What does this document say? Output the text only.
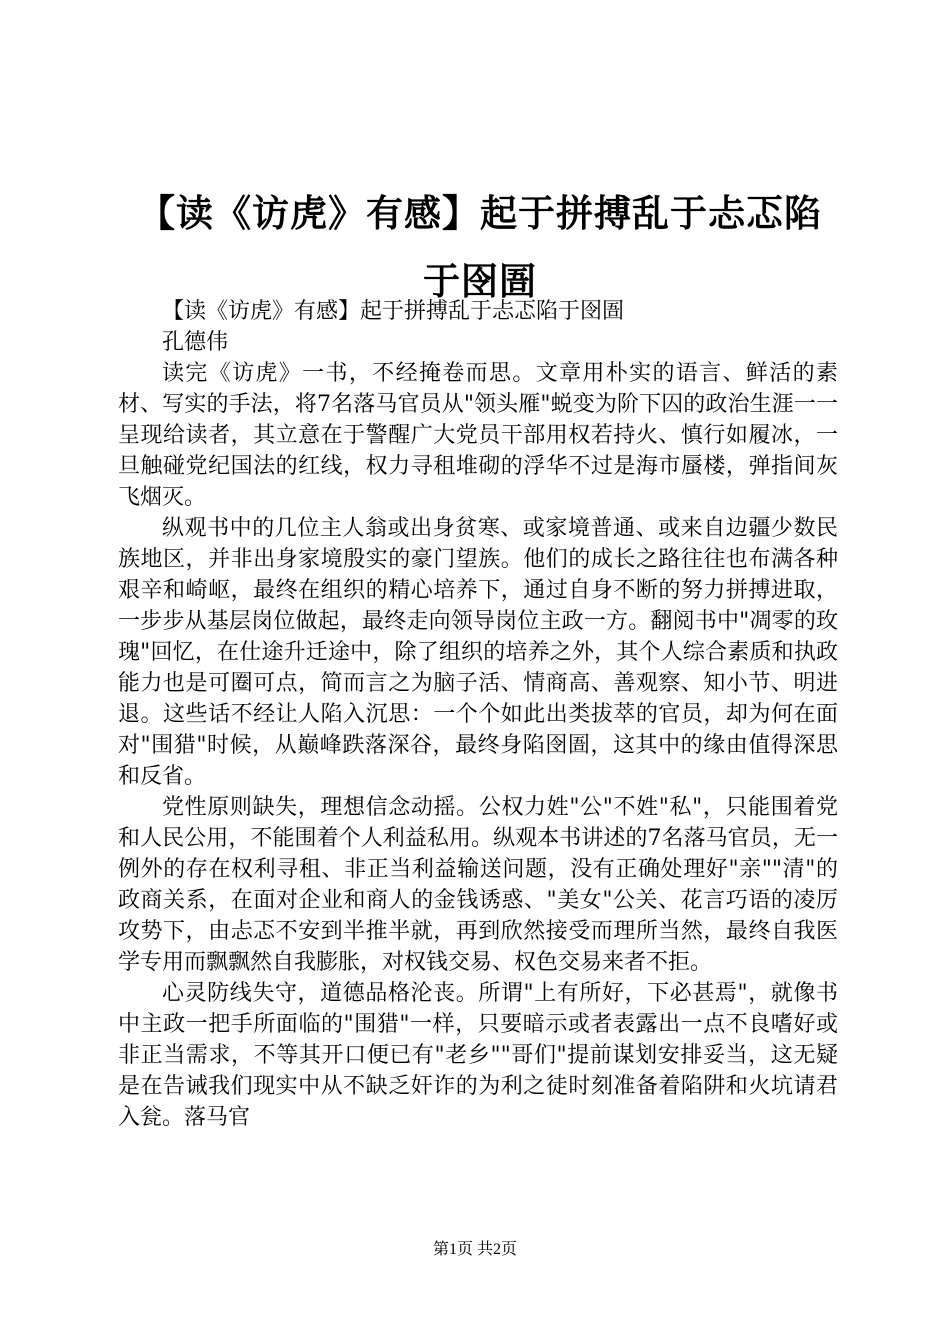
【读《访虎》有感】起于拼搏乱于忐忑陷于囹圄

【读《访虎》有感】起于拼搏乱于忐忑陷于囹圄

孔德伟

读完《访虎》一书，不经掩卷而思。文章用朴实的语言、鲜活的素材、写实的手法，将7名落马官员从"领头雁"蜕变为阶下囚的政治生涯一一呈现给读者，其立意在于警醒广大党员干部用权若持火、慎行如履冰，一旦触碰党纪国法的红线，权力寻租堆砌的浮华不过是海市蜃楼，弹指间灰飞烟灭。

纵观书中的几位主人翁或出身贫寒、或家境普通、或来自边疆少数民族地区，并非出身家境殷实的豪门望族。他们的成长之路往往也布满各种艰辛和崎岖，最终在组织的精心培养下，通过自身不断的努力拼搏进取，一步步从基层岗位做起，最终走向领导岗位主政一方。翻阅书中"凋零的玫瑰"回忆，在仕途升迁途中，除了组织的培养之外，其个人综合素质和执政能力也是可圈可点，简而言之为脑子活、情商高、善观察、知小节、明进退。这些话不经让人陷入沉思：一个个如此出类拔萃的官员，却为何在面对"围猎"时候，从巅峰跌落深谷，最终身陷囹圄，这其中的缘由值得深思和反省。

党性原则缺失，理想信念动摇。公权力姓"公"不姓"私"，只能围着党和人民公用，不能围着个人利益私用。纵观本书讲述的7名落马官员，无一例外的存在权利寻租、非正当利益输送问题，没有正确处理好"亲""清"的政商关系，在面对企业和商人的金钱诱惑、"美女"公关、花言巧语的凌厉攻势下，由忐忑不安到半推半就，再到欣然接受而理所当然，最终自我医学专用而飘飘然自我膨胀，对权钱交易、权色交易来者不拒。

心灵防线失守，道德品格沦丧。所谓"上有所好，下必甚焉"，就像书中主政一把手所面临的"围猎"一样，只要暗示或者表露出一点不良嗜好或非正当需求，不等其开口便已有"老乡""哥们"提前谋划安排妥当，这无疑是在告诫我们现实中从不缺乏奸诈的为利之徒时刻准备着陷阱和火坑请君入瓮。落马官

第1页 共2页
